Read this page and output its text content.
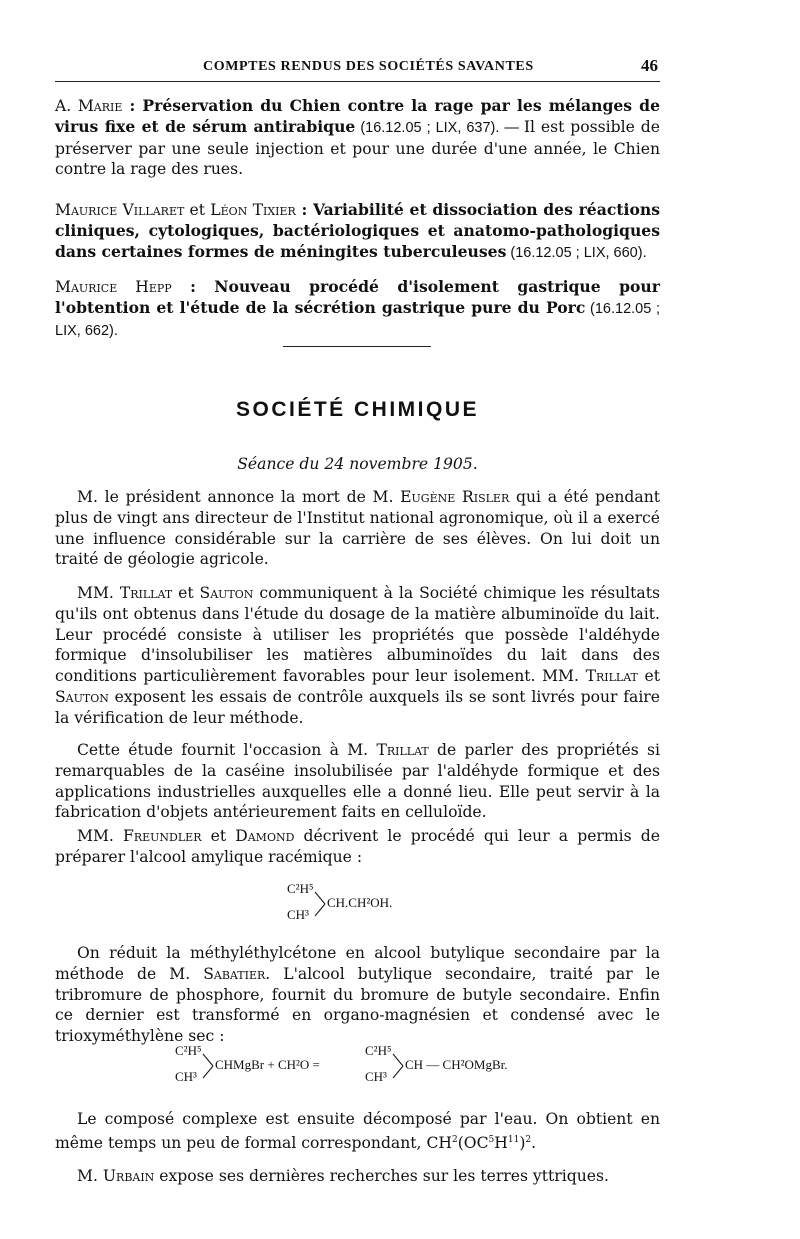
COMPTES RENDUS DES SOCIÉTÉS SAVANTES	46
A. Marie : Préservation du Chien contre la rage par les mélanges de virus fixe et de sérum antirabique (16.12.05 ; LIX, 637). — Il est possible de préserver par une seule injection et pour une durée d'une année, le Chien contre la rage des rues.
Maurice Villaret et Léon Tixier : Variabilité et dissociation des réactions cliniques, cytologiques, bactériologiques et anatomo-pathologiques dans certaines formes de méningites tuberculeuses (16.12.05 ; LIX, 660).
Maurice Hepp : Nouveau procédé d'isolement gastrique pour l'obtention et l'étude de la sécrétion gastrique pure du Porc (16.12.05 ; LIX, 662).
SOCIÉTÉ CHIMIQUE
Séance du 24 novembre 1905.
M. le président annonce la mort de M. Eugène Risler qui a été pendant plus de vingt ans directeur de l'Institut national agronomique, où il a exercé une influence considérable sur la carrière de ses élèves. On lui doit un traité de géologie agricole.
MM. Trillat et Sauton communiquent à la Société chimique les résultats qu'ils ont obtenus dans l'étude du dosage de la matière albuminoïde du lait. Leur procédé consiste à utiliser les propriétés que possède l'aldéhyde formique d'insolubiliser les matières albuminoïdes du lait dans des conditions particulièrement favorables pour leur isolement. MM. Trillat et Sauton exposent les essais de contrôle auxquels ils se sont livrés pour faire la vérification de leur méthode.
Cette étude fournit l'occasion à M. Trillat de parler des propriétés si remarquables de la caséine insolubilisée par l'aldéhyde formique et des applications industrielles auxquelles elle a donné lieu. Elle peut servir à la fabrication d'objets antérieurement faits en celluloïde.
MM. Freundler et Damond décrivent le procédé qui leur a permis de préparer l'alcool amylique racémique :
C²H⁵
CH³
CH.CH²OH.
On réduit la méthyléthylcétone en alcool butylique secondaire par la méthode de M. Sabatier. L'alcool butylique secondaire, traité par le tribromure de phosphore, fournit du bromure de butyle secondaire. Enfin ce dernier est transformé en organo-magnésien et condensé avec le trioxyméthylène sec :
C²H⁵
CH³
CHMgBr + CH²O =
C²H⁵
CH³
CH — CH²OMgBr.
Le composé complexe est ensuite décomposé par l'eau. On obtient en même temps un peu de formal correspondant, $CH^2(OC^5H^{11})^2$.
M. Urbain expose ses dernières recherches sur les terres yttriques.
